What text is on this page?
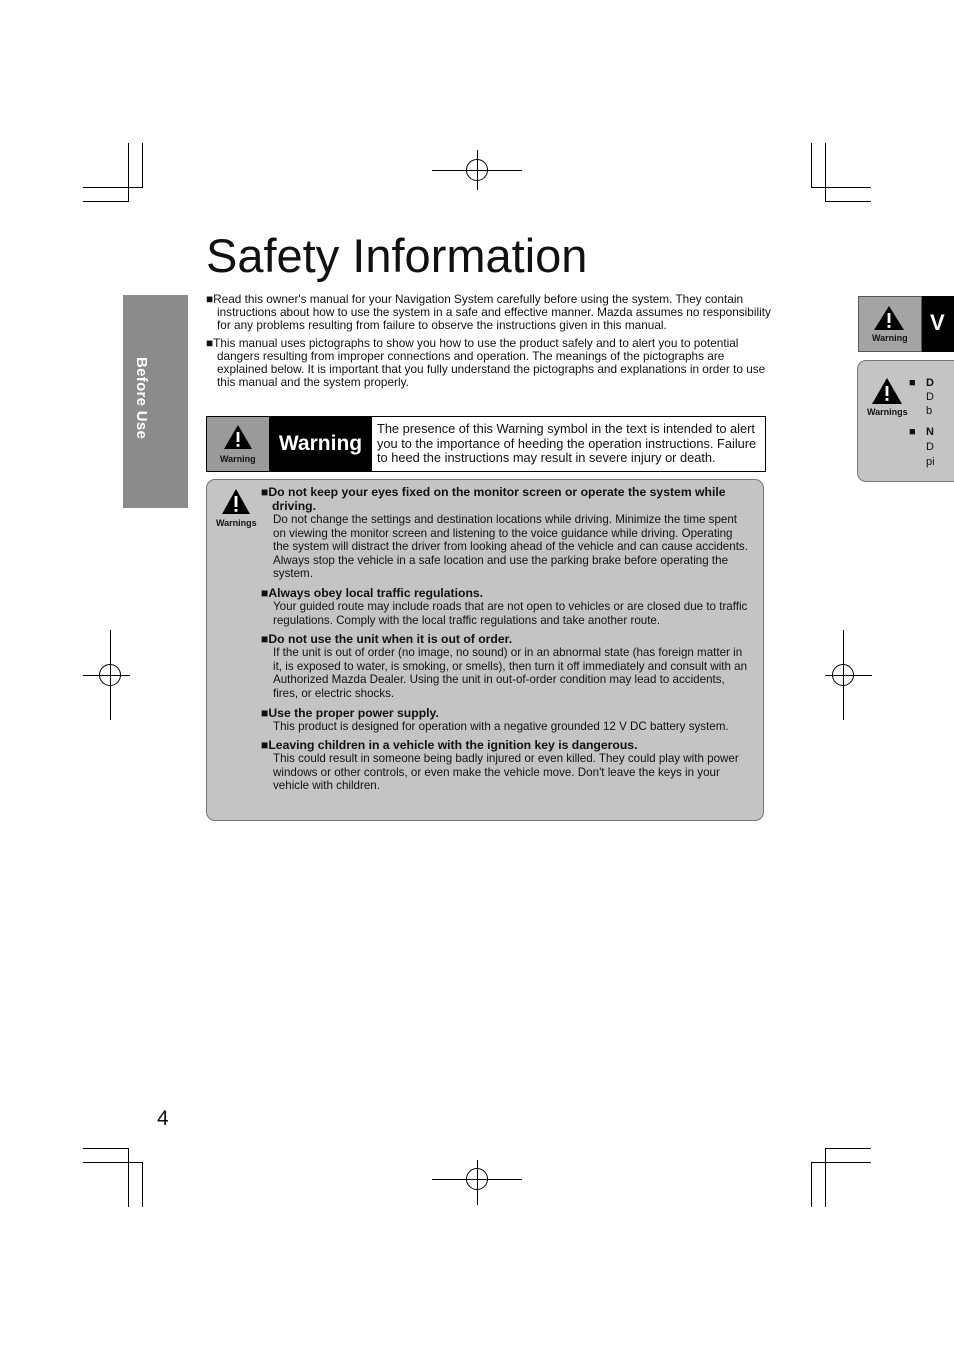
Before Use
Safety Information

■Read this owner's manual for your Navigation System carefully before using the system. They contain instructions about how to use the system in a safe and effective manner. Mazda assumes no responsibility for any problems resulting from failure to observe the instructions given in this manual.

■This manual uses pictographs to show you how to use the product safely and to alert you to potential dangers resulting from improper connections and operation. The meanings of the pictographs are explained below. It is important that you fully understand the pictographs and explanations in order to use this manual and the system properly.

Warning
Warning
The presence of this Warning symbol in the text is intended to alert you to the importance of heeding the operation instructions. Failure to heed the instructions may result in severe injury or death.
Warnings
■Do not keep your eyes fixed on the monitor screen or operate the system while driving.
Do not change the settings and destination locations while driving. Minimize the time spent on viewing the monitor screen and listening to the voice guidance while driving. Operating the system will distract the driver from looking ahead of the vehicle and can cause accidents. Always stop the vehicle in a safe location and use the parking brake before operating the system.
■Always obey local traffic regulations.
Your guided route may include roads that are not open to vehicles or are closed due to traffic regulations. Comply with the local traffic regulations and take another route.
■Do not use the unit when it is out of order.
If the unit is out of order (no image, no sound) or in an abnormal state (has foreign matter in it, is exposed to water, is smoking, or smells), then turn it off immediately and consult with an Authorized Mazda Dealer. Using the unit in out-of-order condition may lead to accidents, fires, or electric shocks.
■Use the proper power supply.
This product is designed for operation with a negative grounded 12 V DC battery system.
■Leaving children in a vehicle with the ignition key is dangerous.
This could result in someone being badly injured or even killed. They could play with power windows or other controls, or even make the vehicle move. Don't leave the keys in your vehicle with children.
4
Warning
V
Warnings
■ D
D
b
■ N
D
pi
